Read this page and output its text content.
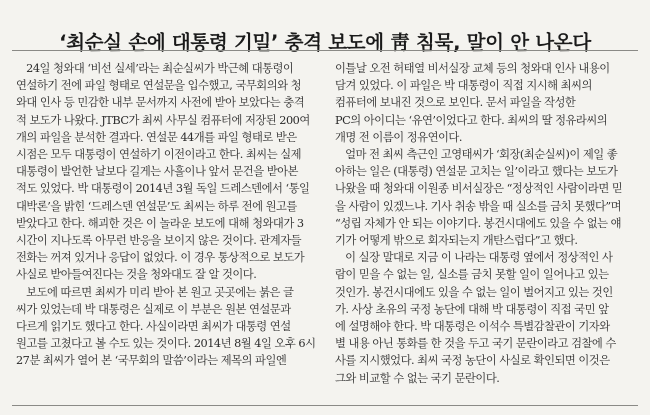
‘최순실 손에 대통령 기밀’ 충격 보도에 靑 침묵, 말이 안 나온다

24일 청와대 ‘비선 실세’라는 최순실씨가 박근혜 대통령이
연설하기 전에 파일 형태로 연설문을 입수했고, 국무회의와 청
와대 인사 등 민감한 내부 문서까지 사전에 받아 보았다는 충격
적 보도가 나왔다. JTBC가 최씨 사무실 컴퓨터에 저장된 200여
개의 파일을 분석한 결과다. 연설문 44개를 파일 형태로 받은
시점은 모두 대통령이 연설하기 이전이라고 한다. 최씨는 실제
대통령이 발언한 날보다 길게는 사흘이나 앞서 문건을 받아본
적도 있었다. 박 대통령이 2014년 3월 독일 드레스덴에서 ‘통일
대박론’을 밝힌 ‘드레스덴 연설문’도 최씨는 하루 전에 원고를
받았다고 한다. 해괴한 것은 이 놀라운 보도에 대해 청와대가 3
시간이 지나도록 아무런 반응을 보이지 않은 것이다. 관계자들
전화는 꺼져 있거나 응답이 없었다. 이 경우 통상적으로 보도가
사실로 받아들여진다는 것을 청와대도 잘 알 것이다.

보도에 따르면 최씨가 미리 받아 본 원고 곳곳에는 붉은 글
씨가 있었는데 박 대통령은 실제로 이 부분은 원본 연설문과
다르게 읽기도 했다고 한다. 사실이라면 최씨가 대통령 연설
원고를 고쳤다고 볼 수도 있는 것이다. 2014년 8월 4일 오후 6시
27분 최씨가 열어 본 ‘국무회의 말씀’이라는 제목의 파일엔

이틀날 오전 허태열 비서실장 교체 등의 청와대 인사 내용이
담겨 있었다. 이 파일은 박 대통령이 직접 지시해 최씨의
컴퓨터에 보내진 것으로 보인다. 문서 파일을 작성한
PC의 아이디는 ‘유연’이었다고 한다. 최씨의 딸 정유라씨의
개명 전 이름이 정유연이다.

얼마 전 최씨 측근인 고영태씨가 ‘회장(최순실씨)이 제일 좋
아하는 일은 (대통령) 연설문 고치는 일’이라고 했다는 보도가
나왔을 때 청와대 이원종 비서실장은 “정상적인 사람이라면 믿
을 사람이 있겠느냐. 기사 취송 밖을 때 실소를 금치 못했다”며
“성립 자체가 안 되는 이야기다. 봉건시대에도 있을 수 없는 얘
기가 어떻게 밖으로 회자되는지 개탄스럽다”고 했다.

이 실장 말대로 지금 이 나라는 대통령 옆에서 정상적인 사
람이 믿을 수 없는 일, 실소를 금치 못할 일이 일어나고 있는
것인가. 봉건시대에도 있을 수 없는 일이 벌어지고 있는 것인
가. 사상 초유의 국정 농단에 대해 박 대통령이 직접 국민 앞
에 설명해야 한다. 박 대통령은 이석수 특별감찰관이 기자와
별 내용 아닌 통화를 한 것을 두고 국기 문란이라고 검찰에 수
사를 지시했었다. 최씨 국정 농단이 사실로 확인되면 이것은
그와 비교할 수 없는 국기 문란이다.
